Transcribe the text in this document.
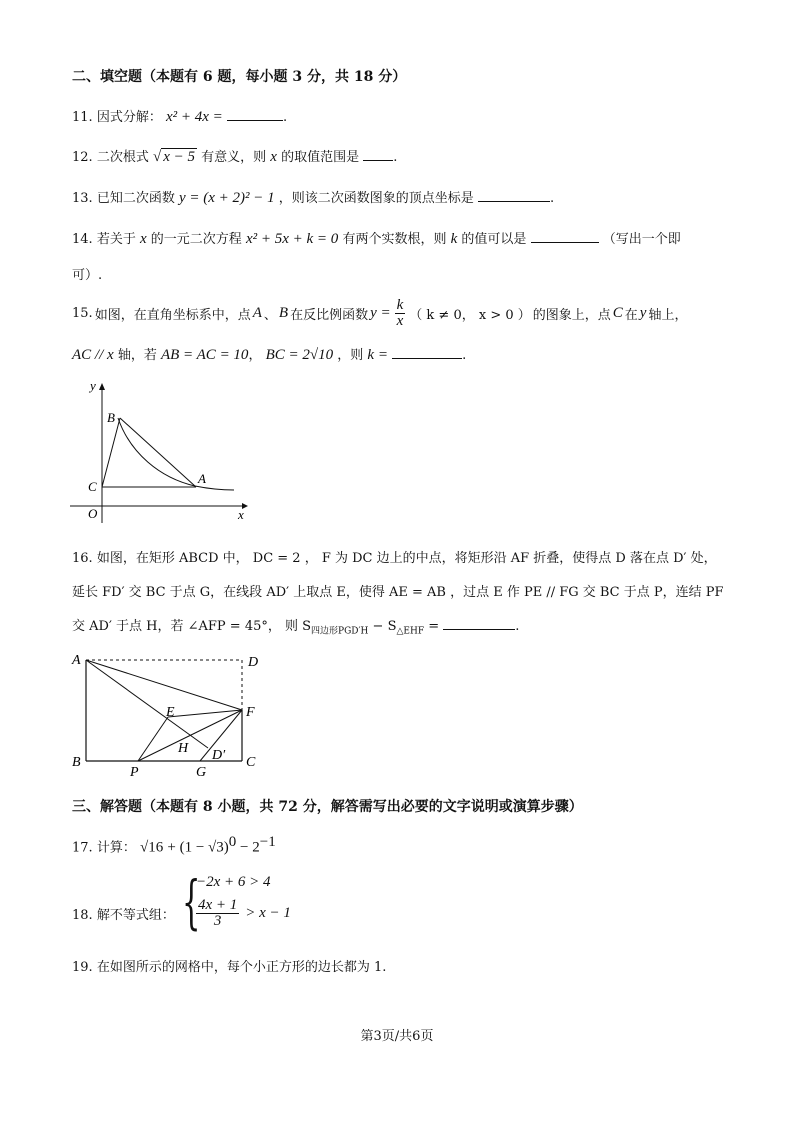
二、填空题（本题有 6 题，每小题 3 分，共 18 分）
11. 因式分解： x² + 4x =	.
12. 二次根式 √ x − 5 有意义，则 x 的取值范围是	.
13. 已知二次函数 y = (x + 2)² − 1 ，则该二次函数图象的顶点坐标是	.
14. 若关于 x 的一元二次方程 x² + 5x + k = 0 有两个实数根，则 k 的值可以是	（写出一个即
可）.
15. 如图，在直角坐标系中，点 A 、 B 在反比例函数 $y = \frac{k}{x}$ （ k ≠ 0， x > 0 ） 的图象上，点 C 在 y 轴上，
AC // x 轴，若 AB = AC = 10， BC = 2√10 ，则 k =	.
y
x
O
B
C
A
16. 如图，在矩形 ABCD 中， DC = 2 ， F 为 DC 边上的中点，将矩形沿 AF 折叠，使得点 D 落在点 D′ 处，
延长 FD′ 交 BC 于点 G，在线段 AD′ 上取点 E，使得 AE = AB ，过点 E 作 PE // FG 交 BC 于点 P，连结 PF
交 AD′ 于点 H，若 ∠AFP = 45°， 则 $S_{四边形PGD'H} - S_{\triangle EHF}$ =	.
A	D
F
E
H D′
B	C
P	G
三、解答题（本题有 8 小题，共 72 分，解答需写出必要的文字说明或演算步骤）
17. 计算： $√16 + (1 - √3)^0 - 2^{-1}$
18. 解不等式组： {
−2x + 6 > 4
$\frac{4x + 1}{3} > x - 1$
19. 在如图所示的网格中，每个小正方形的边长都为 1.
第3页/共6页
